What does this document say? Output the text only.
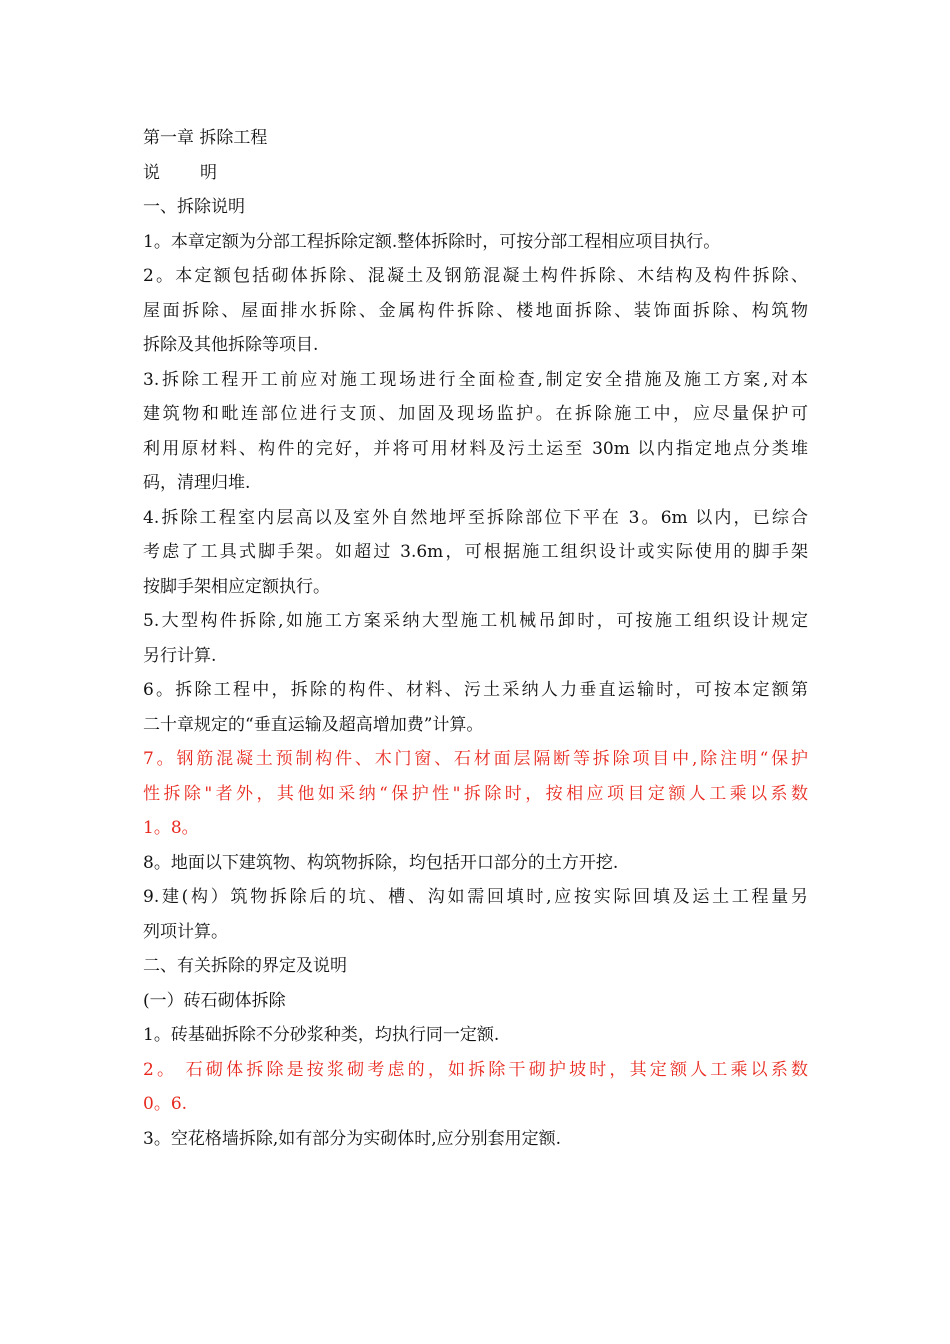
第一章 拆除工程
说 明
一、拆除说明
1。本章定额为分部工程拆除定额.整体拆除时，可按分部工程相应项目执行。
2。本定额包括砌体拆除、混凝土及钢筋混凝土构件拆除、木结构及构件拆除、
屋面拆除、屋面排水拆除、金属构件拆除、楼地面拆除、装饰面拆除、构筑物
拆除及其他拆除等项目.
3.拆除工程开工前应对施工现场进行全面检查,制定安全措施及施工方案,对本
建筑物和毗连部位进行支顶、加固及现场监护。在拆除施工中，应尽量保护可
利用原材料、构件的完好，并将可用材料及污土运至 30m 以内指定地点分类堆
码，清理归堆.
4.拆除工程室内层高以及室外自然地坪至拆除部位下平在 3。6m 以内，已综合
考虑了工具式脚手架。如超过 3.6m，可根据施工组织设计或实际使用的脚手架
按脚手架相应定额执行。
5.大型构件拆除,如施工方案采纳大型施工机械吊卸时，可按施工组织设计规定
另行计算.
6。拆除工程中，拆除的构件、材料、污土采纳人力垂直运输时，可按本定额第
二十章规定的“垂直运输及超高增加费”计算。
7。钢筋混凝土预制构件、木门窗、石材面层隔断等拆除项目中,除注明“保护
性拆除"者外，其他如采纳“保护性"拆除时，按相应项目定额人工乘以系数
1。8。
8。地面以下建筑物、构筑物拆除，均包括开口部分的土方开挖.
9.建(构）筑物拆除后的坑、槽、沟如需回填时,应按实际回填及运土工程量另
列项计算。
二、有关拆除的界定及说明
(一）砖石砌体拆除
1。砖基础拆除不分砂浆种类，均执行同一定额.
2。 石砌体拆除是按浆砌考虑的，如拆除干砌护坡时，其定额人工乘以系数
0。6.
3。空花格墙拆除,如有部分为实砌体时,应分别套用定额.
